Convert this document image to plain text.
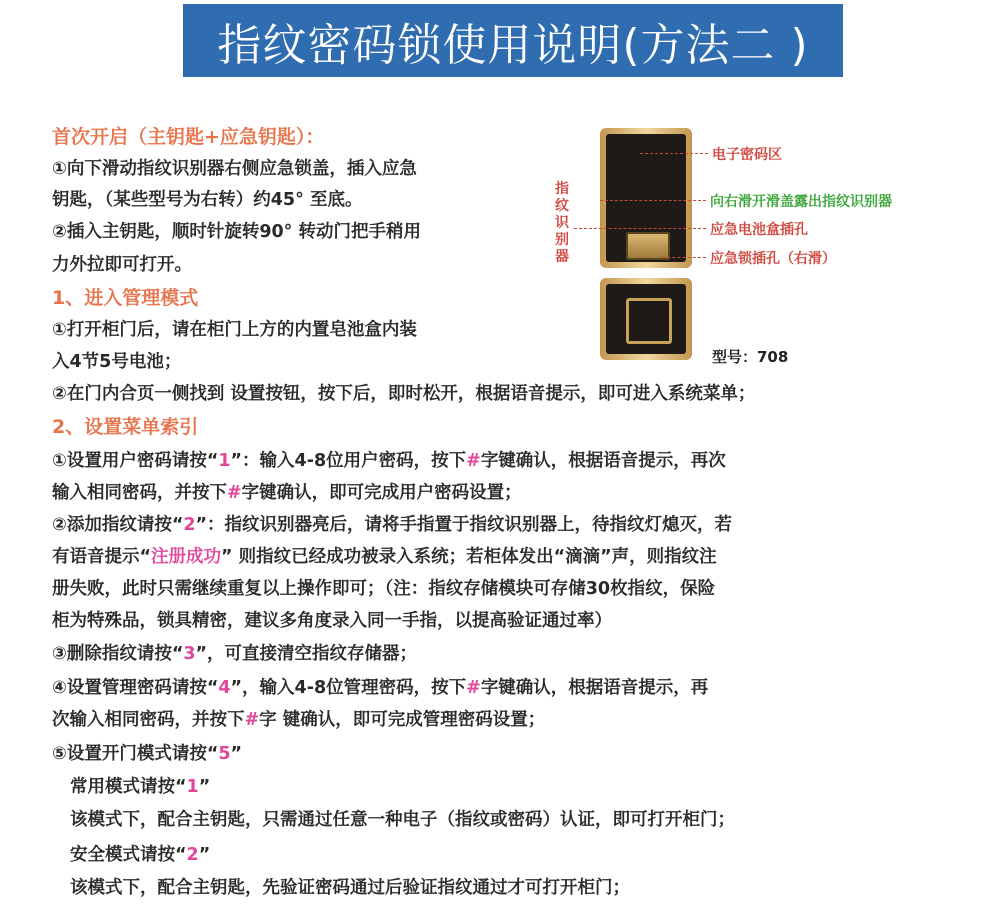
指纹密码锁使用说明(方法二 )
首次开启（主钥匙+应急钥匙）：
①向下滑动指纹识别器右侧应急锁盖，插入应急
钥匙，（某些型号为右转）约45° 至底。
②插入主钥匙，顺时针旋转90° 转动门把手稍用
力外拉即可打开。
1、进入管理模式
①打开柜门后，请在柜门上方的内置皂池盒内装
入4节5号电池；
②在门内合页一侧找到 设置按钮，按下后，即时松开，根据语音提示，即可进入系统菜单；
2、设置菜单索引
①设置用户密码请按“1”：输入4-8位用户密码，按下#字键确认，根据语音提示，再次
输入相同密码，并按下#字键确认，即可完成用户密码设置；
②添加指纹请按“2”：指纹识别器亮后，请将手指置于指纹识别器上，待指纹灯熄灭，若
有语音提示“注册成功” 则指纹已经成功被录入系统；若柜体发出“滴滴”声，则指纹注
册失败，此时只需继续重复以上操作即可；（注：指纹存储模块可存储30枚指纹，保险
柜为特殊品，锁具精密，建议多角度录入同一手指，以提高验证通过率）
③删除指纹请按“3”，可直接清空指纹存储器；
④设置管理密码请按“4”，输入4-8位管理密码，按下#字键确认，根据语音提示，再
次输入相同密码，并按下#字 键确认，即可完成管理密码设置；
⑤设置开门模式请按“5”
常用模式请按“1”
该模式下，配合主钥匙，只需通过任意一种电子（指纹或密码）认证，即可打开柜门；
安全模式请按“2”
该模式下，配合主钥匙，先验证密码通过后验证指纹通过才可打开柜门；
指纹识别器
电子密码区
向右滑开滑盖露出指纹识别器
应急电池盒插孔
应急锁插孔（右滑）
型号：708
